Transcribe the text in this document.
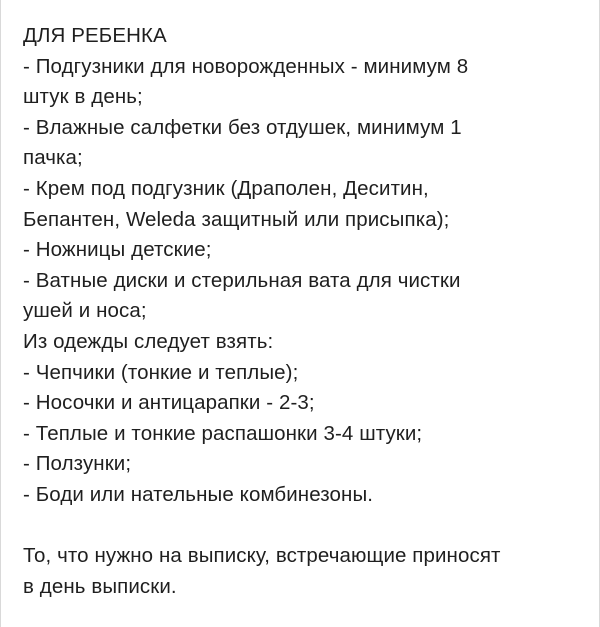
ДЛЯ РЕБЕНКА
- Подгузники для новорожденных - минимум 8
штук в день;
- Влажные салфетки без отдушек, минимум 1
пачка;
- Крем под подгузник (Драполен, Деситин,
Бепантен, Weleda защитный или присыпка);
- Ножницы детские;
- Ватные диски и стерильная вата для чистки
ушей и носа;
Из одежды следует взять:
- Чепчики (тонкие и теплые);
- Носочки и антицарапки - 2-3;
- Теплые и тонкие распашонки 3-4 штуки;
- Ползунки;
- Боди или нательные комбинезоны.
То, что нужно на выписку, встречающие приносят
в день выписки.
